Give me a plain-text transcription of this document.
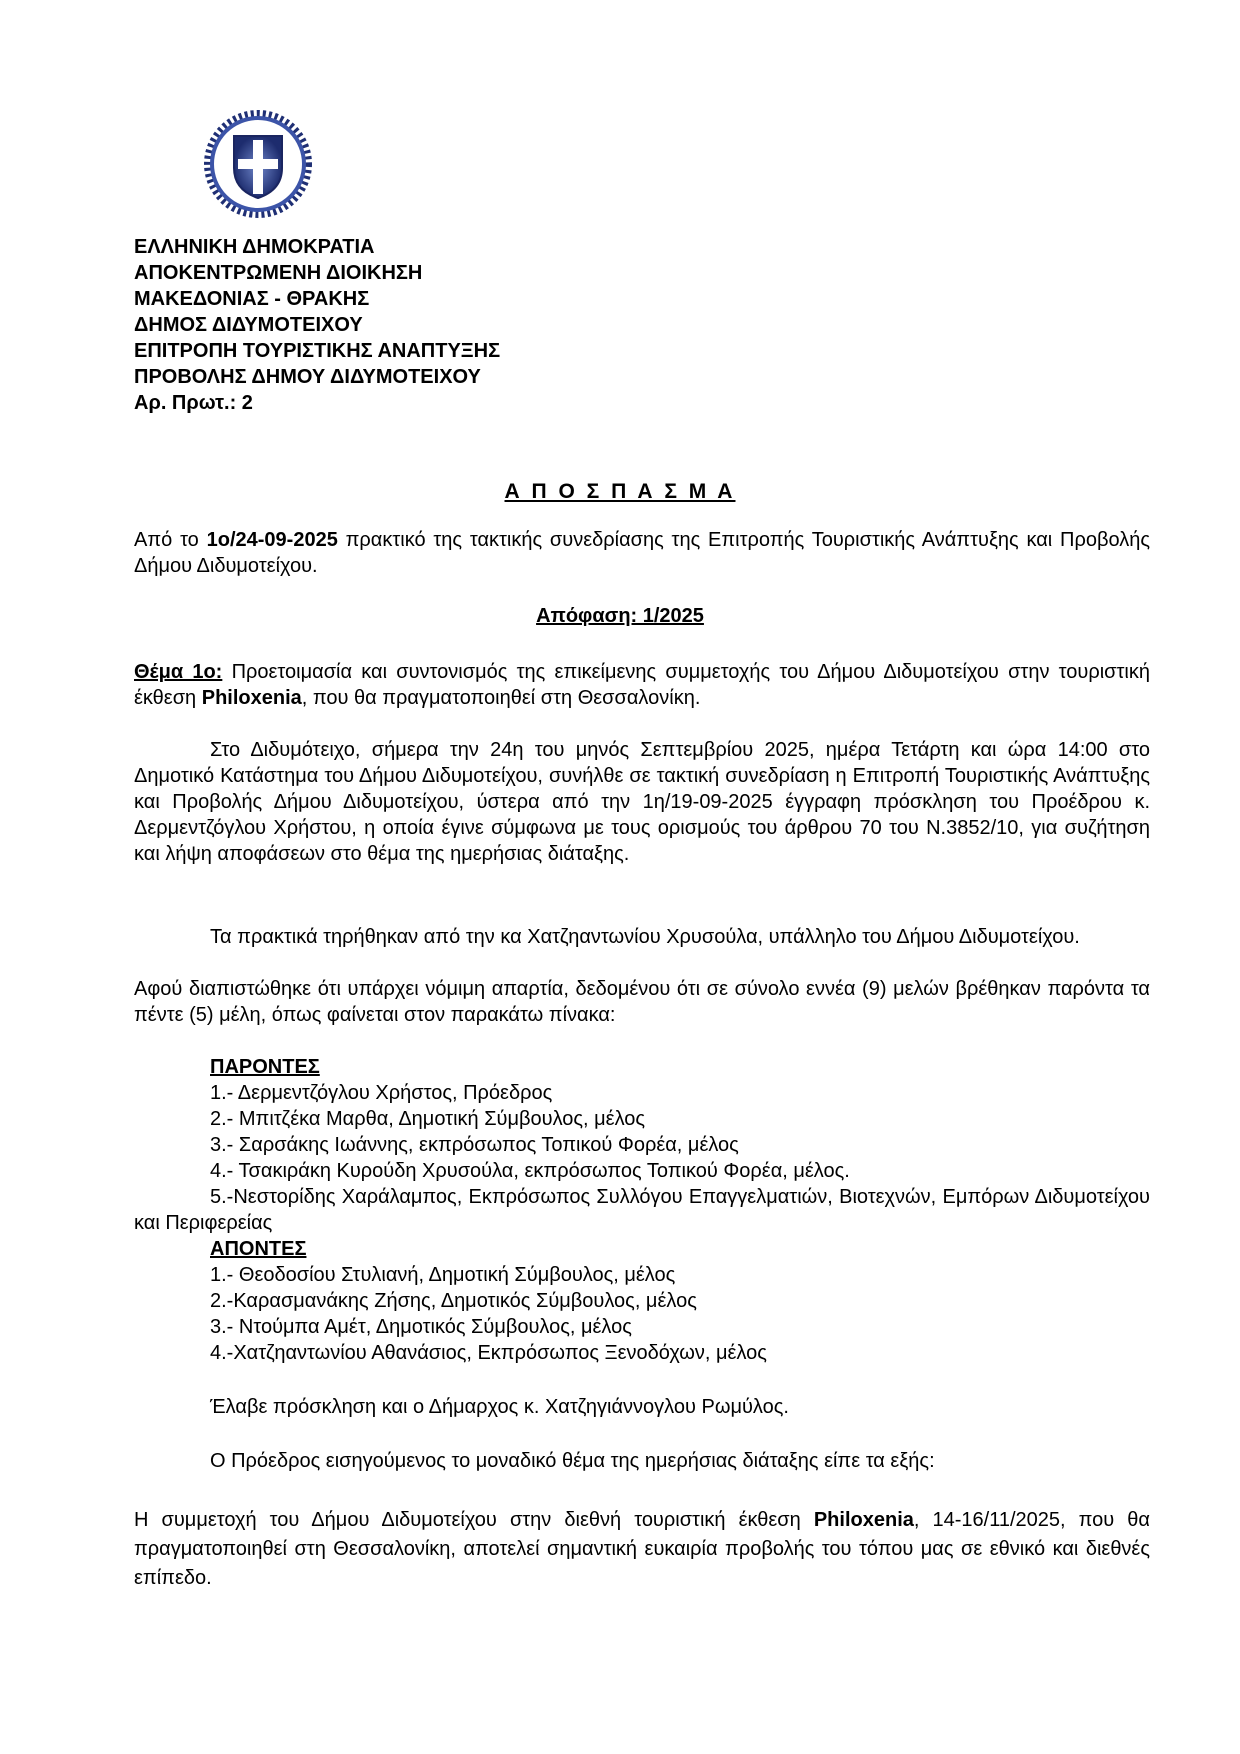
ΕΛΛΗΝΙΚΗ ΔΗΜΟΚΡΑΤΙΑ
ΑΠΟΚΕΝΤΡΩΜΕΝΗ ΔΙΟΙΚΗΣΗ
ΜΑΚΕΔΟΝΙΑΣ - ΘΡΑΚΗΣ
ΔΗΜΟΣ ΔΙΔΥΜΟΤΕΙΧΟΥ
ΕΠΙΤΡΟΠΗ ΤΟΥΡΙΣΤΙΚΗΣ ΑΝΑΠΤΥΞΗΣ
ΠΡΟΒΟΛΗΣ ΔΗΜΟΥ ΔΙΔΥΜΟΤΕΙΧΟΥ
Αρ. Πρωτ.: 2
Α Π Ο Σ Π Α Σ Μ Α
Από το 1ο/24-09-2025 πρακτικό της τακτικής συνεδρίασης της Επιτροπής Τουριστικής Ανάπτυξης και Προβολής Δήμου Διδυμοτείχου.
Απόφαση: 1/2025
Θέμα 1ο: Προετοιμασία και συντονισμός της επικείμενης συμμετοχής του Δήμου Διδυμοτείχου στην τουριστική έκθεση Philoxenia, που θα πραγματοποιηθεί στη Θεσσαλονίκη.
Στο Διδυμότειχο, σήμερα την 24η του μηνός Σεπτεμβρίου 2025, ημέρα Τετάρτη και ώρα 14:00 στο Δημοτικό Κατάστημα του Δήμου Διδυμοτείχου, συνήλθε σε τακτική συνεδρίαση η Επιτροπή Τουριστικής Ανάπτυξης και Προβολής Δήμου Διδυμοτείχου, ύστερα από την 1η/19-09-2025 έγγραφη πρόσκληση του Προέδρου κ. Δερμεντζόγλου Χρήστου, η οποία έγινε σύμφωνα με τους ορισμούς του άρθρου 70 του Ν.3852/10, για συζήτηση και λήψη αποφάσεων στο θέμα της ημερήσιας διάταξης.
Τα πρακτικά τηρήθηκαν από την κα Χατζηαντωνίου Χρυσούλα, υπάλληλο του Δήμου Διδυμοτείχου.
Αφού διαπιστώθηκε ότι υπάρχει νόμιμη απαρτία, δεδομένου ότι σε σύνολο εννέα (9) μελών βρέθηκαν παρόντα τα πέντε (5) μέλη, όπως φαίνεται στον παρακάτω πίνακα:
ΠΑΡΟΝΤΕΣ
1.- Δερμεντζόγλου Χρήστος, Πρόεδρος
2.- Μπιτζέκα Μαρθα, Δημοτική Σύμβουλος, μέλος
3.- Σαρσάκης Ιωάννης, εκπρόσωπος Τοπικού Φορέα, μέλος
4.- Τσακιράκη Κυρούδη Χρυσούλα, εκπρόσωπος Τοπικού Φορέα, μέλος.
5.-Νεστορίδης Χαράλαμπος, Εκπρόσωπος Συλλόγου Επαγγελματιών, Βιοτεχνών, Εμπόρων Διδυμοτείχου και Περιφερείας
ΑΠΟΝΤΕΣ
1.- Θεοδοσίου Στυλιανή, Δημοτική Σύμβουλος, μέλος
2.-Καρασμανάκης Ζήσης, Δημοτικός Σύμβουλος, μέλος
3.- Ντούμπα Αμέτ, Δημοτικός Σύμβουλος, μέλος
4.-Χατζηαντωνίου Αθανάσιος, Εκπρόσωπος Ξενοδόχων, μέλος
Έλαβε πρόσκληση και ο Δήμαρχος κ. Χατζηγιάννογλου Ρωμύλος.
Ο Πρόεδρος εισηγούμενος το μοναδικό θέμα της ημερήσιας διάταξης είπε τα εξής:
Η συμμετοχή του Δήμου Διδυμοτείχου στην διεθνή τουριστική έκθεση Philoxenia, 14-16/11/2025, που θα πραγματοποιηθεί στη Θεσσαλονίκη, αποτελεί σημαντική ευκαιρία προβολής του τόπου μας σε εθνικό και διεθνές επίπεδο.
